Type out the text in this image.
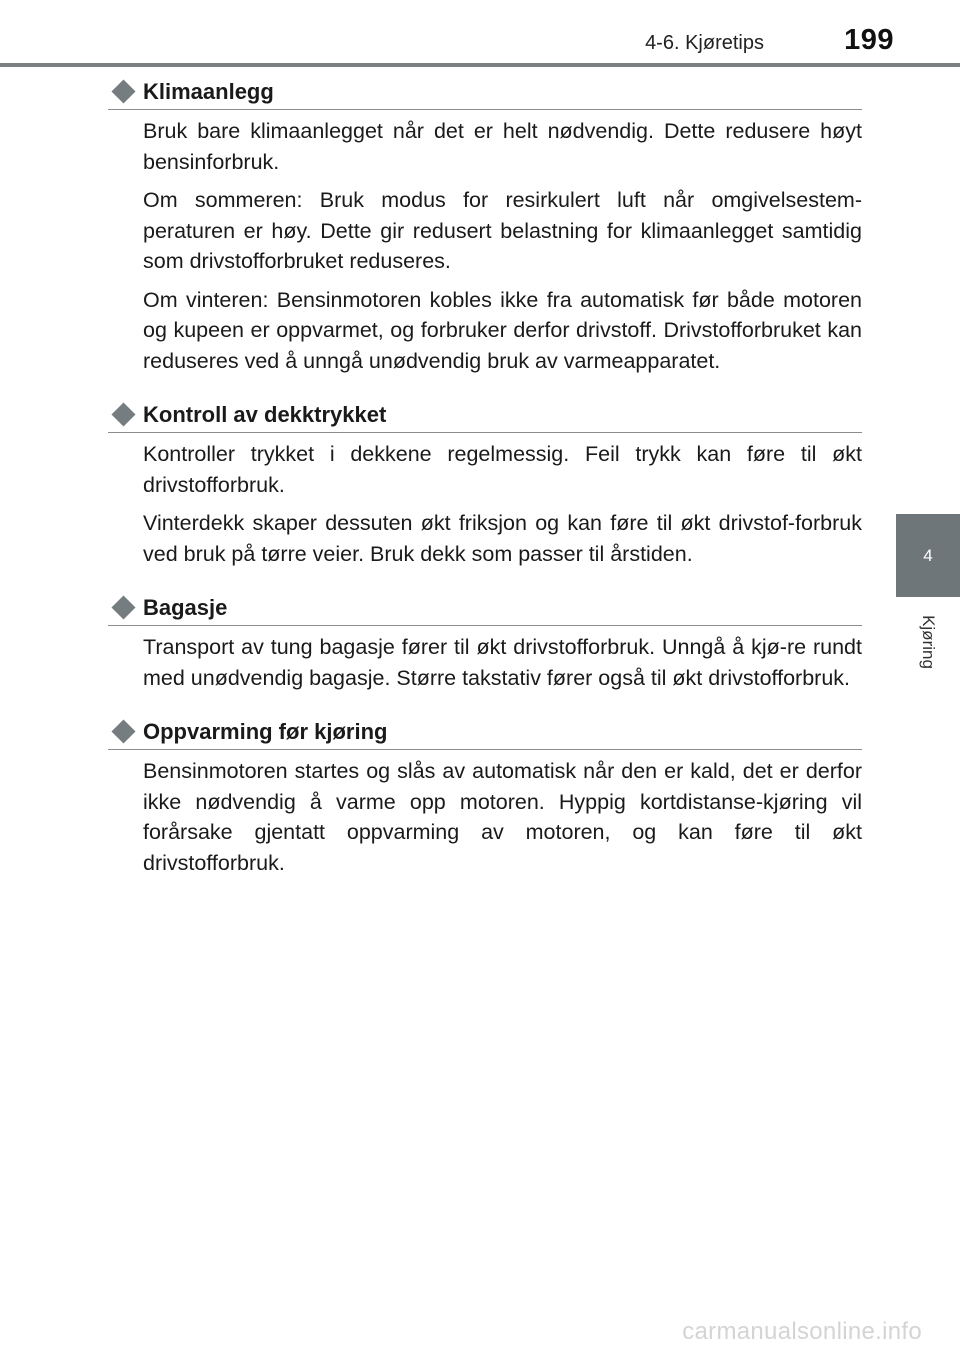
4-6. Kjøretips	199
4
Kjøring
Klimaanlegg

Bruk bare klimaanlegget når det er helt nødvendig. Dette redusere høyt bensinforbruk.

Om sommeren: Bruk modus for resirkulert luft når omgivelsestem-peraturen er høy. Dette gir redusert belastning for klimaanlegget samtidig som drivstofforbruket reduseres.

Om vinteren: Bensinmotoren kobles ikke fra automatisk før både motoren og kupeen er oppvarmet, og forbruker derfor drivstoff. Drivstofforbruket kan reduseres ved å unngå unødvendig bruk av varmeapparatet.

Kontroll av dekktrykket

Kontroller trykket i dekkene regelmessig. Feil trykk kan føre til økt drivstofforbruk.

Vinterdekk skaper dessuten økt friksjon og kan føre til økt drivstof-forbruk ved bruk på tørre veier. Bruk dekk som passer til årstiden.

Bagasje

Transport av tung bagasje fører til økt drivstofforbruk. Unngå å kjø-re rundt med unødvendig bagasje. Større takstativ fører også til økt drivstofforbruk.

Oppvarming før kjøring

Bensinmotoren startes og slås av automatisk når den er kald, det er derfor ikke nødvendig å varme opp motoren. Hyppig kortdistanse-kjøring vil forårsake gjentatt oppvarming av motoren, og kan føre til økt drivstofforbruk.

carmanualsonline.info
